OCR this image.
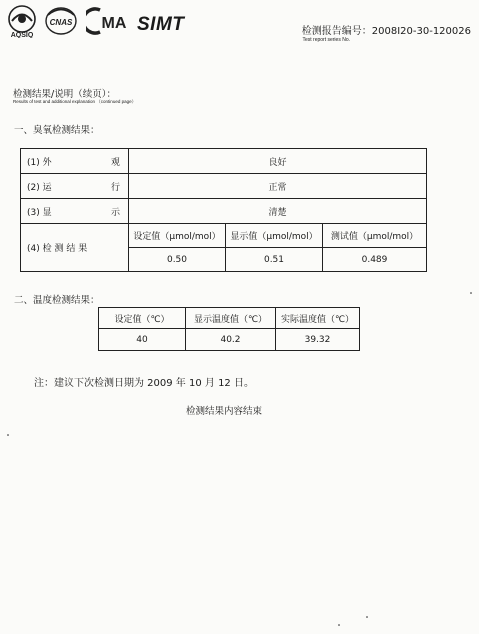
AQSIQ
CNAS MA SIMT	检测报告编号：2008I20-30-120026
Test report series No.
检测结果/说明（续页）：
Results of test and additional explanation （continued page）
一、臭氧检测结果：
(1) 外 观	良好		

(2) 运 行	正常		

(3) 显 示	清楚		
(4) 检 测 结 果	设定值（μmol/mol）	显示值（μmol/mol）	测试值（μmol/mol）
	0.50	0.51	0.489
二、温度检测结果：
设定值（℃）	显示温度值（℃）	实际温度值（℃）
40	40.2	39.32
注：建议下次检测日期为 2009 年 10 月 12 日。
检测结果内容结束
